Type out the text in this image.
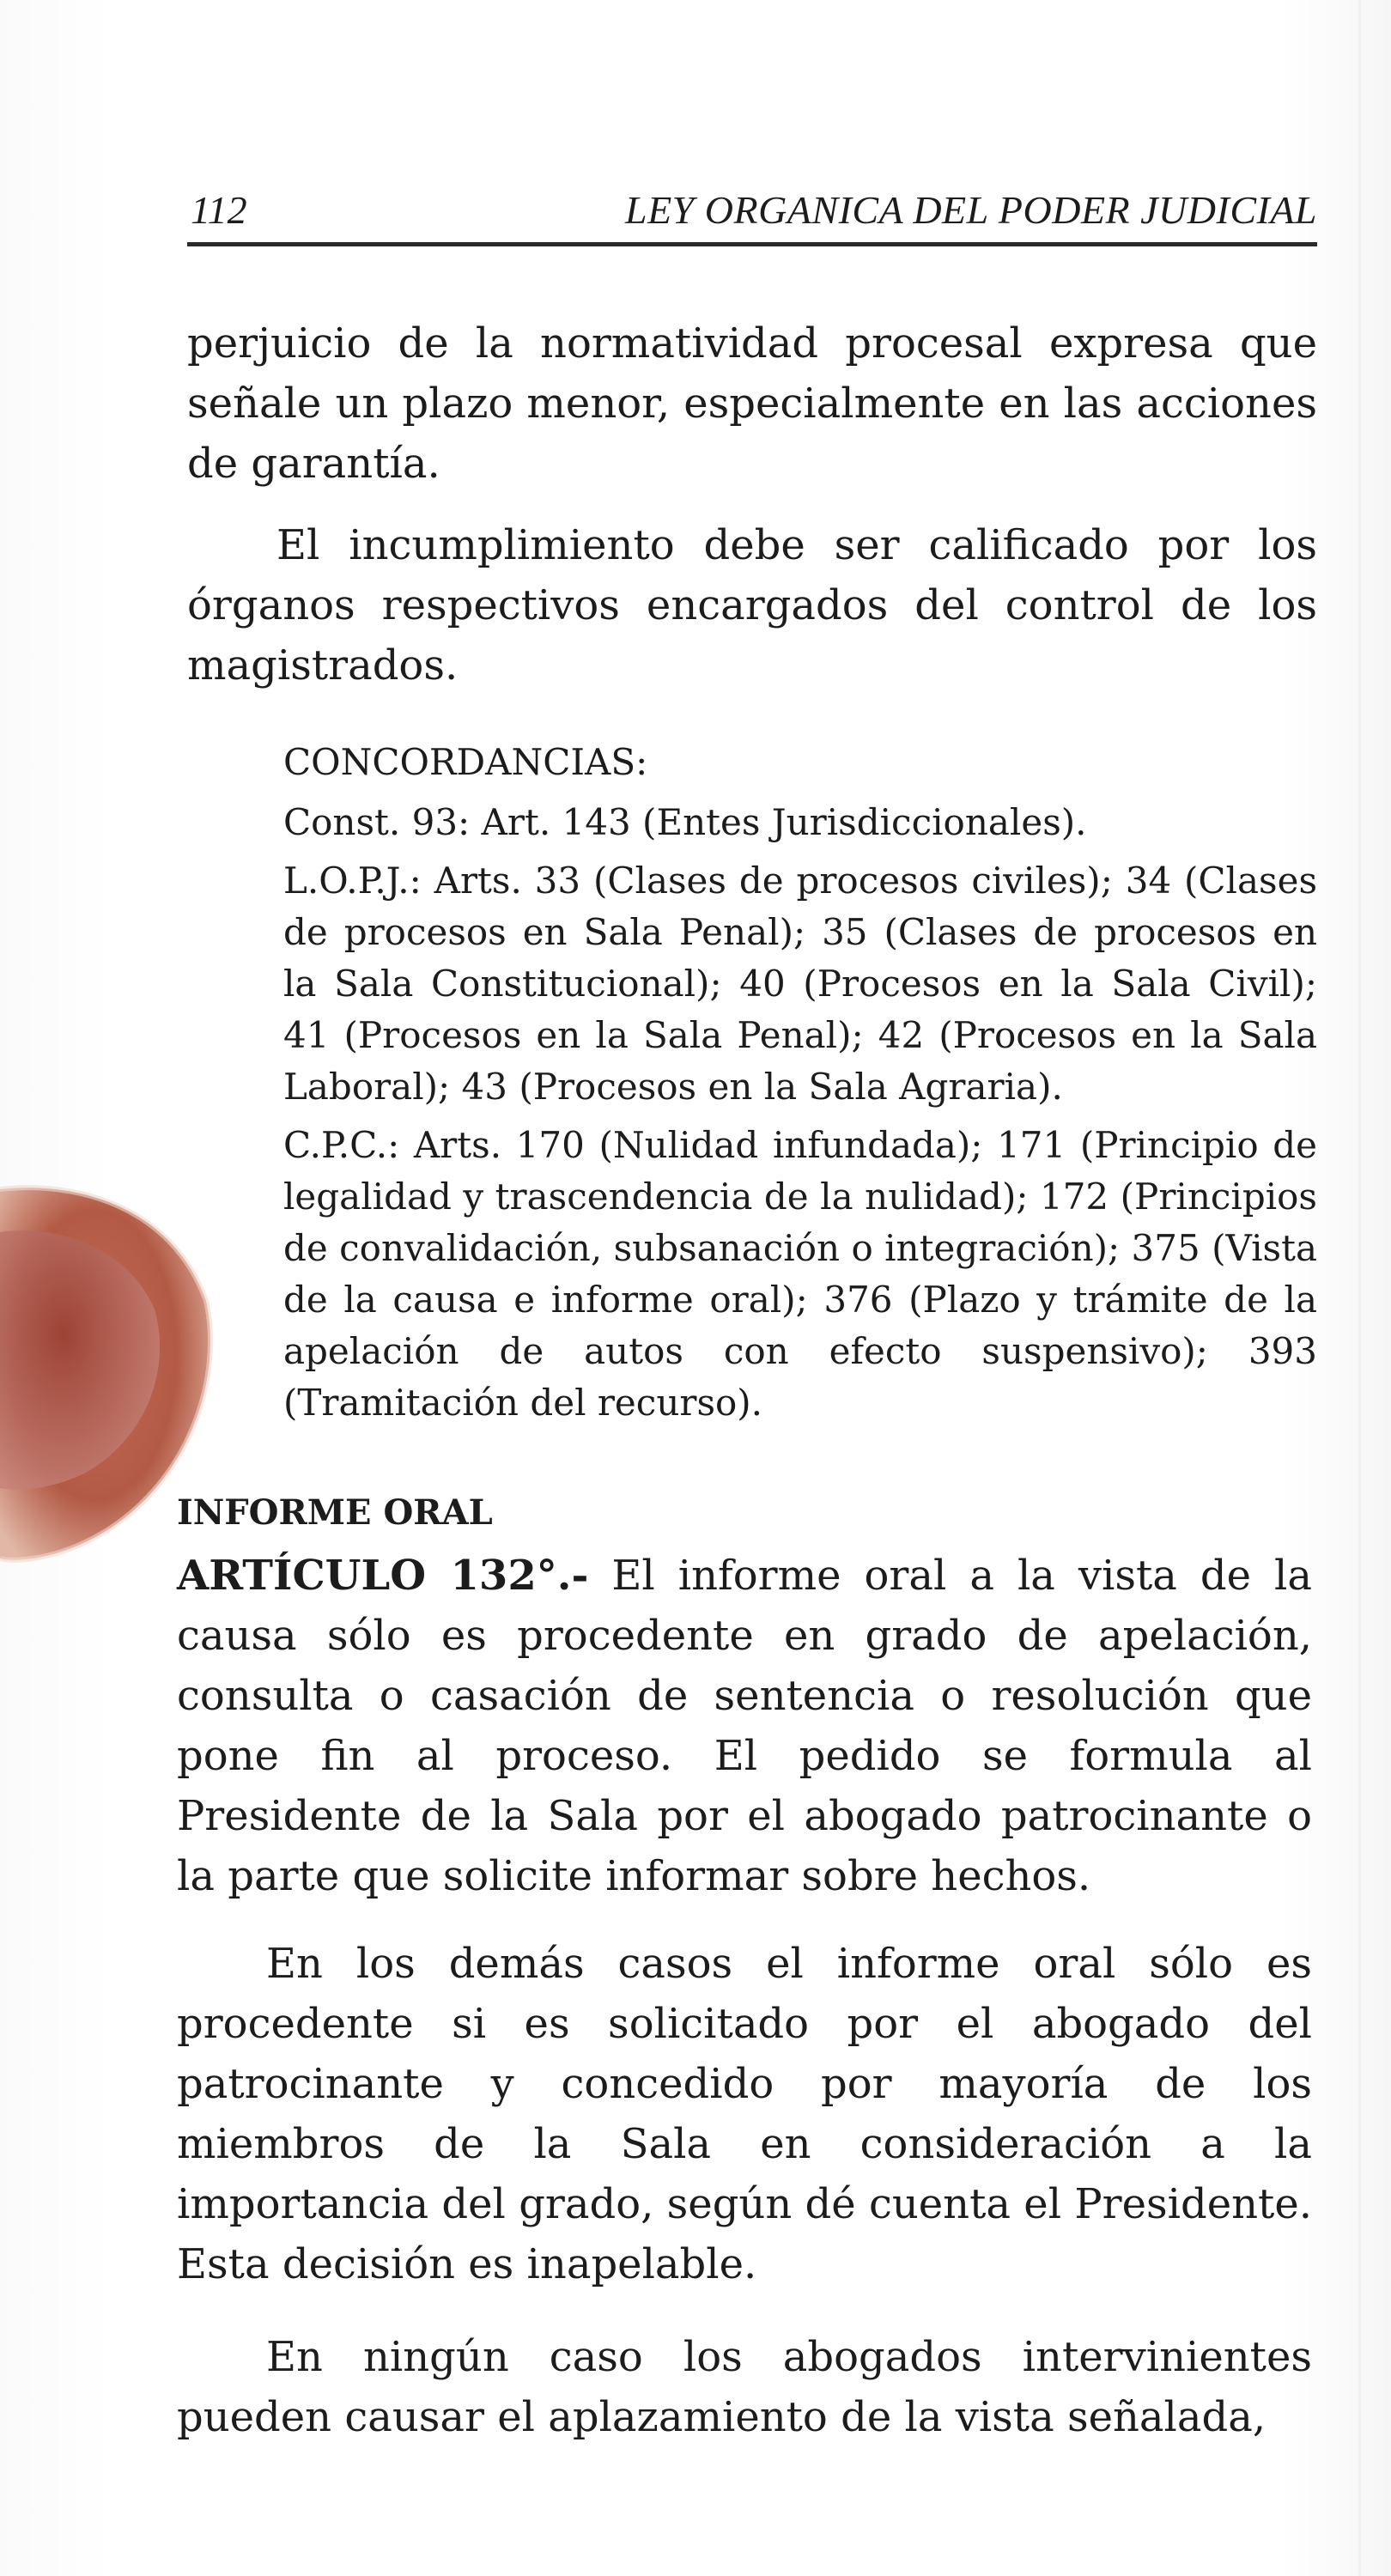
112	LEY ORGANICA DEL PODER JUDICIAL

perjuicio de la normatividad procesal expresa que señale un plazo menor, especialmente en las acciones de garantía.

El incumplimiento debe ser calificado por los órganos respectivos encargados del control de los magistrados.

CONCORDANCIAS:

Const. 93: Art. 143 (Entes Jurisdiccionales).

L.O.P.J.: Arts. 33 (Clases de procesos civiles); 34 (Clases de procesos en Sala Penal); 35 (Clases de procesos en la Sala Constitucional); 40 (Procesos en la Sala Civil); 41 (Procesos en la Sala Penal); 42 (Procesos en la Sala Laboral); 43 (Procesos en la Sala Agraria).

C.P.C.: Arts. 170 (Nulidad infundada); 171 (Principio de legalidad y trascendencia de la nulidad); 172 (Principios de convalidación, subsanación o integración); 375 (Vista de la causa e informe oral); 376 (Plazo y trámite de la apelación de autos con efecto suspensivo); 393 (Tramitación del recurso).

INFORME ORAL

ARTÍCULO 132°.- El informe oral a la vista de la causa sólo es procedente en grado de apelación, consulta o casación de sentencia o resolución que pone fin al proceso. El pedido se formula al Presidente de la Sala por el abogado patrocinante o la parte que solicite informar sobre hechos.

En los demás casos el informe oral sólo es procedente si es solicitado por el abogado del patrocinante y concedido por mayoría de los miembros de la Sala en consideración a la importancia del grado, según dé cuenta el Presidente. Esta decisión es inapelable.

En ningún caso los abogados intervinientes pueden causar el aplazamiento de la vista señalada,
